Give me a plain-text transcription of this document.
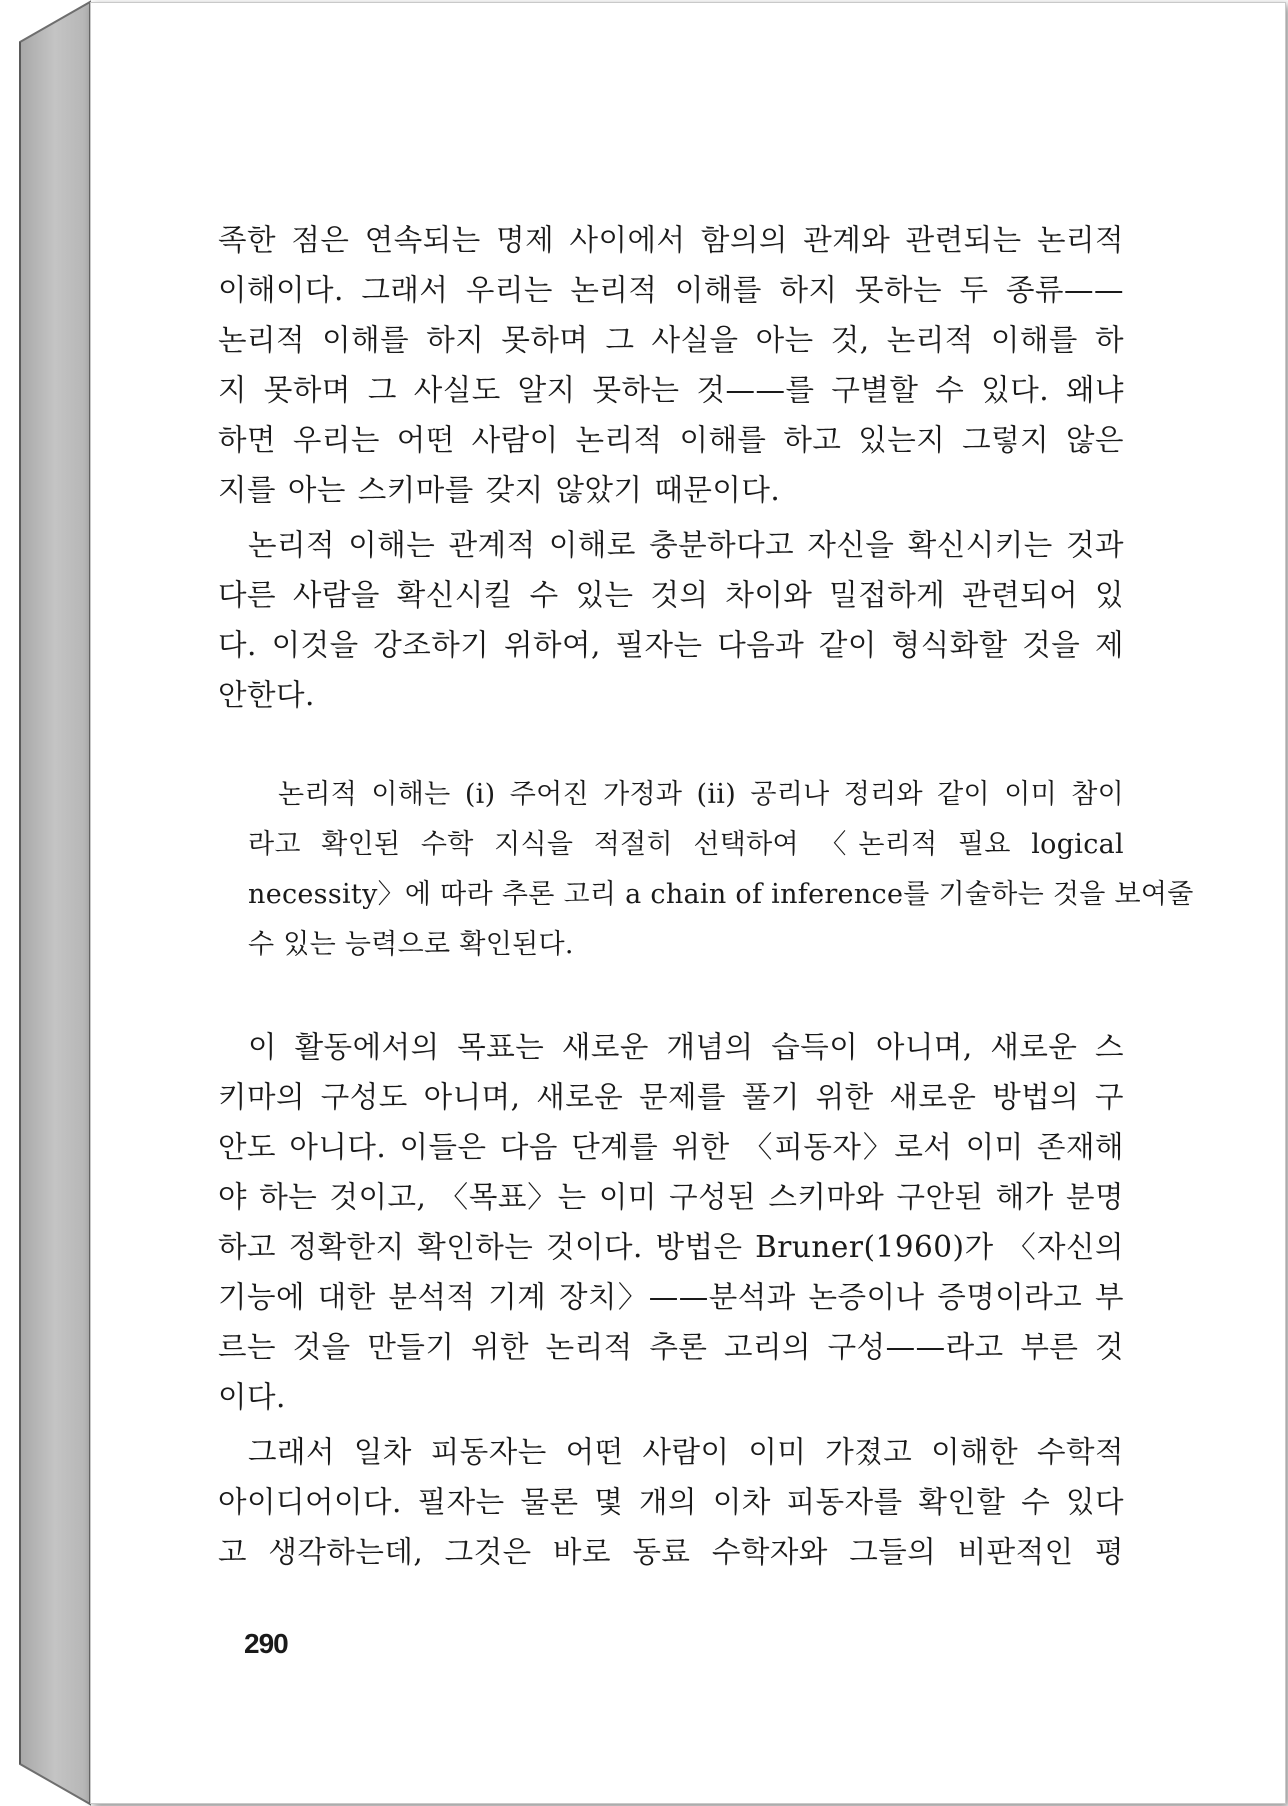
족한 점은 연속되는 명제 사이에서 함의의 관계와 관련되는 논리적
이해이다. 그래서 우리는 논리적 이해를 하지 못하는 두 종류——
논리적 이해를 하지 못하며 그 사실을 아는 것, 논리적 이해를 하
지 못하며 그 사실도 알지 못하는 것——를 구별할 수 있다. 왜냐
하면 우리는 어떤 사람이 논리적 이해를 하고 있는지 그렇지 않은
지를 아는 스키마를 갖지 않았기 때문이다.
논리적 이해는 관계적 이해로 충분하다고 자신을 확신시키는 것과
다른 사람을 확신시킬 수 있는 것의 차이와 밀접하게 관련되어 있
다. 이것을 강조하기 위하여, 필자는 다음과 같이 형식화할 것을 제
안한다.
논리적 이해는 (i) 주어진 가정과 (ii) 공리나 정리와 같이 이미 참이
라고 확인된 수학 지식을 적절히 선택하여 〈논리적 필요 logical
necessity〉에 따라 추론 고리 a chain of inference를 기술하는 것을 보여줄
수 있는 능력으로 확인된다.
이 활동에서의 목표는 새로운 개념의 습득이 아니며, 새로운 스
키마의 구성도 아니며, 새로운 문제를 풀기 위한 새로운 방법의 구
안도 아니다. 이들은 다음 단계를 위한 〈피동자〉로서 이미 존재해
야 하는 것이고, 〈목표〉는 이미 구성된 스키마와 구안된 해가 분명
하고 정확한지 확인하는 것이다. 방법은 Bruner(1960)가 〈자신의
기능에 대한 분석적 기계 장치〉——분석과 논증이나 증명이라고 부
르는 것을 만들기 위한 논리적 추론 고리의 구성——라고 부른 것
이다.
그래서 일차 피동자는 어떤 사람이 이미 가졌고 이해한 수학적
아이디어이다. 필자는 물론 몇 개의 이차 피동자를 확인할 수 있다
고 생각하는데, 그것은 바로 동료 수학자와 그들의 비판적인 평
290
